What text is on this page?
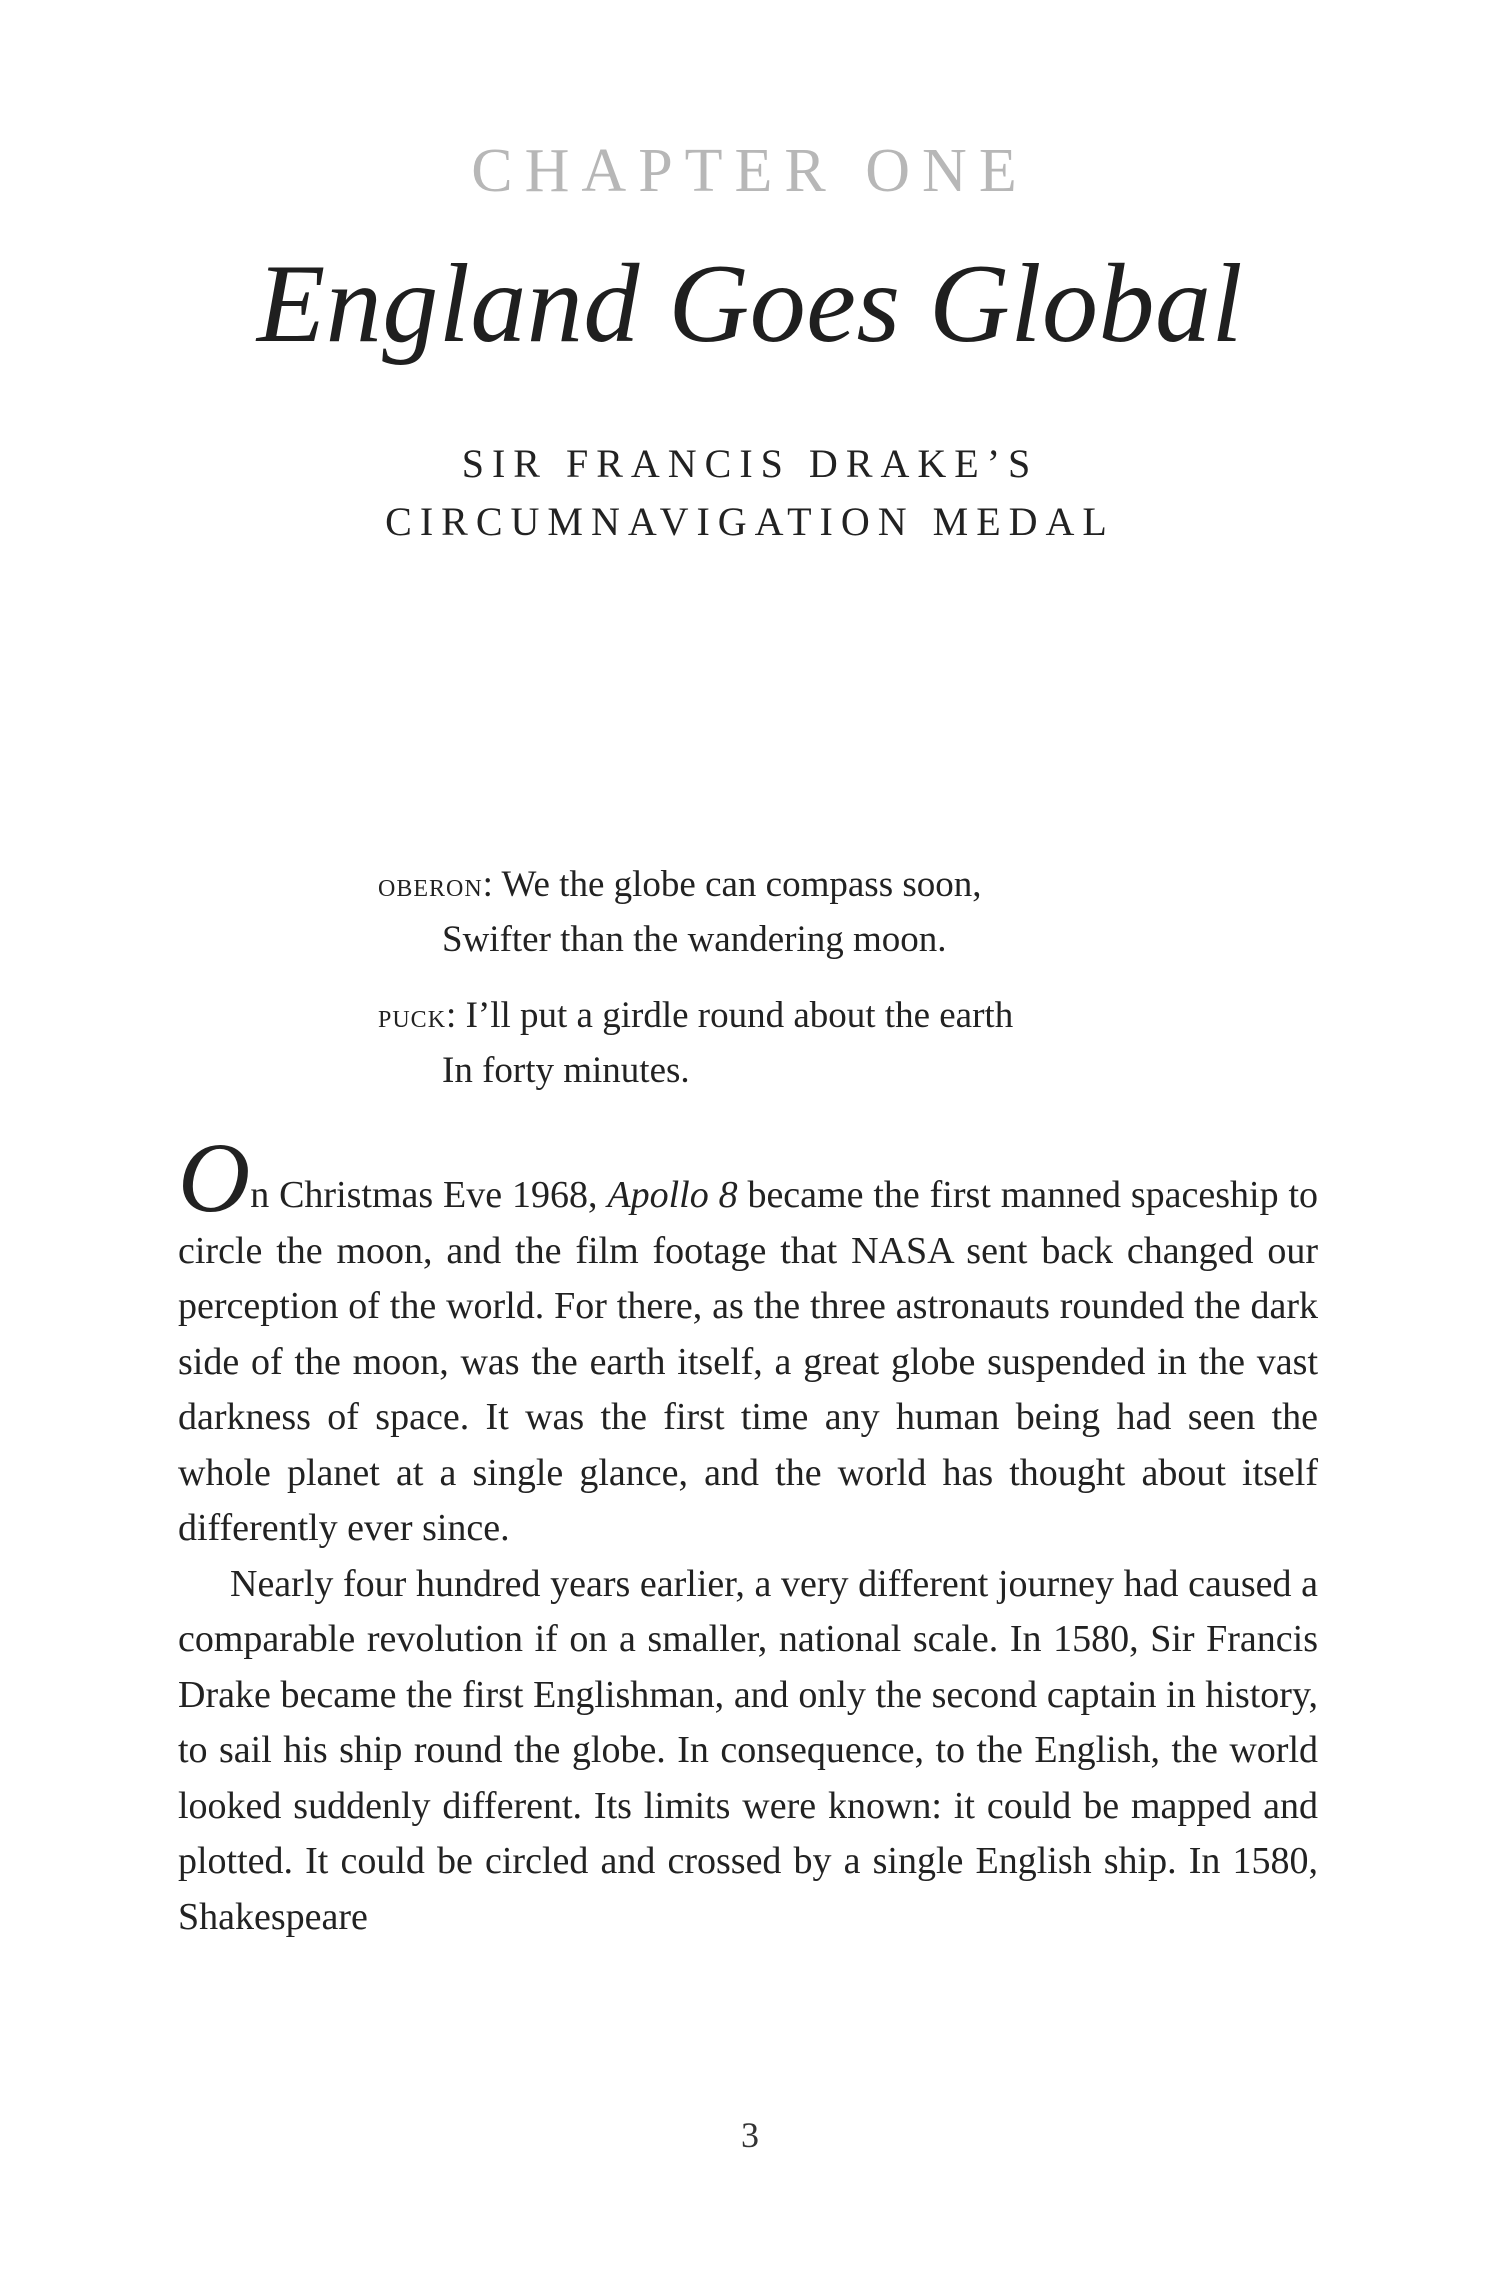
CHAPTER ONE
England Goes Global
SIR FRANCIS DRAKE’S
CIRCUMNAVIGATION MEDAL
oberon: We the globe can compass soon,
Swifter than the wandering moon.
puck: I’ll put a girdle round about the earth
In forty minutes.

On Christmas Eve 1968, Apollo 8 became the first manned spaceship to circle the moon, and the film footage that NASA sent back changed our perception of the world. For there, as the three astronauts rounded the dark side of the moon, was the earth itself, a great globe suspended in the vast darkness of space. It was the first time any human being had seen the whole planet at a single glance, and the world has thought about itself differently ever since.

Nearly four hundred years earlier, a very different journey had caused a comparable revolution if on a smaller, national scale. In 1580, Sir Francis Drake became the first Englishman, and only the second captain in history, to sail his ship round the globe. In consequence, to the English, the world looked suddenly different. Its limits were known: it could be mapped and plotted. It could be circled and crossed by a single English ship. In 1580, Shakespeare

3
